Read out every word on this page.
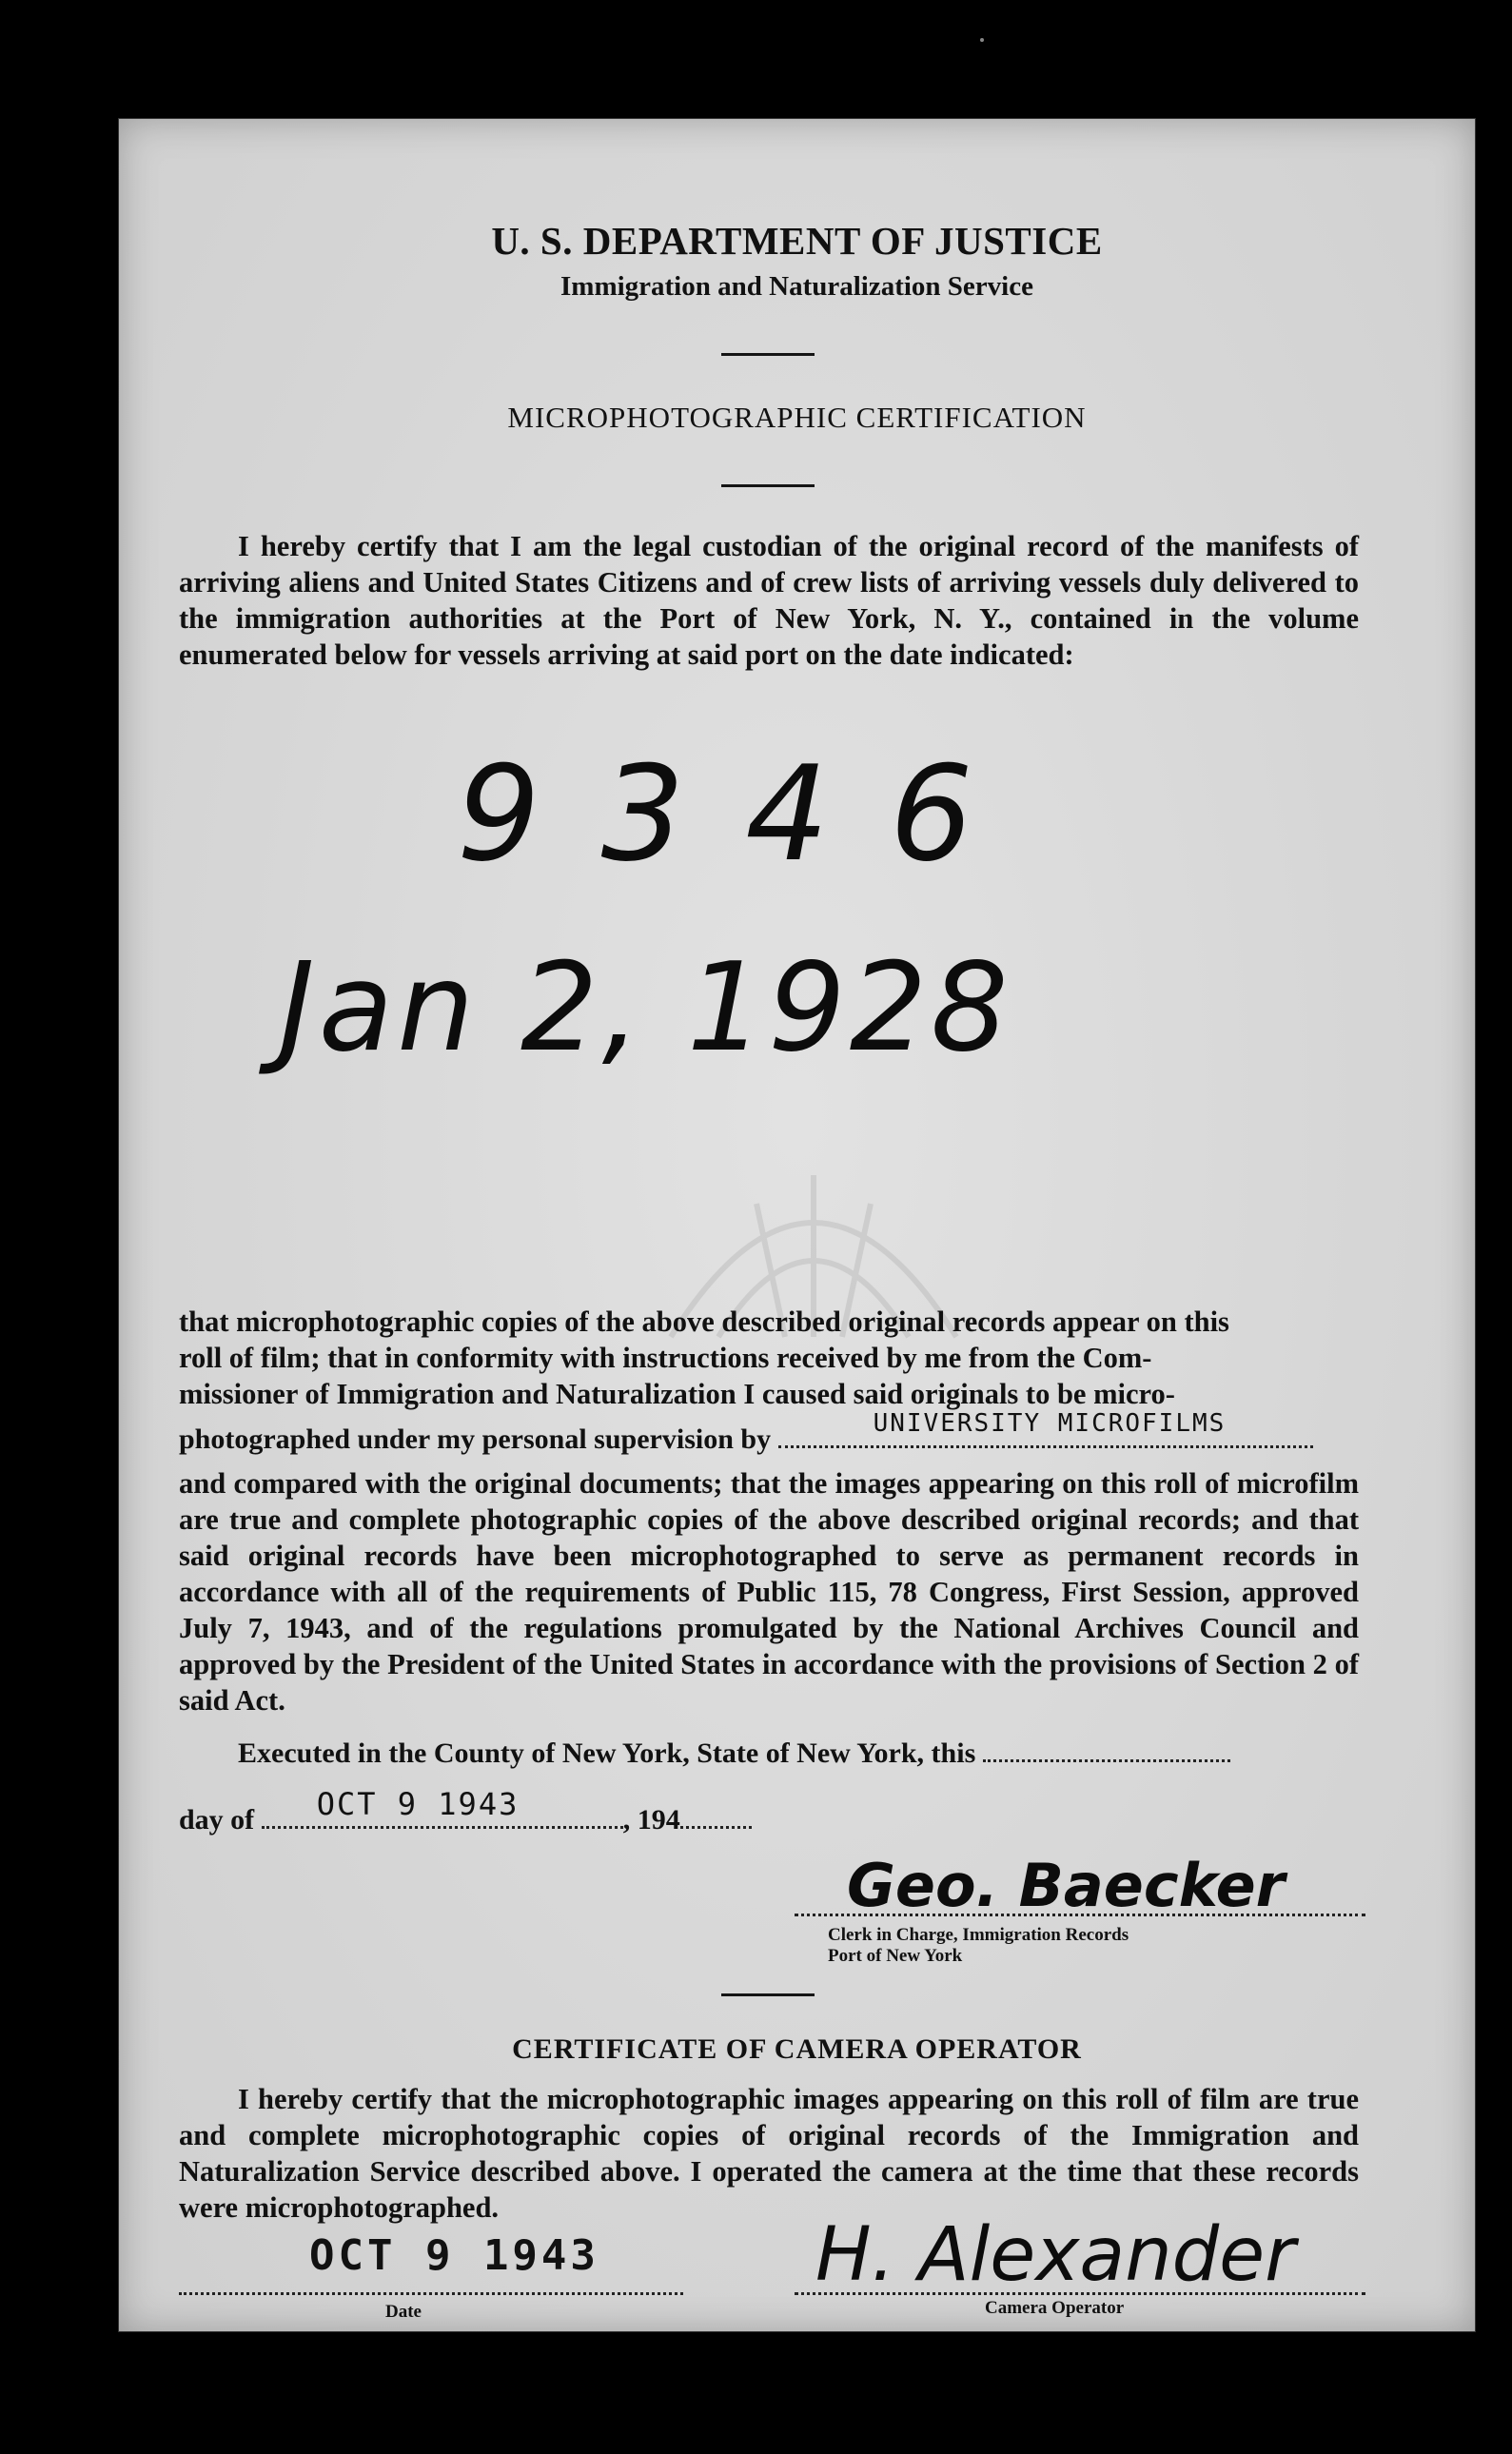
U. S. DEPARTMENT OF JUSTICE
Immigration and Naturalization Service
MICROPHOTOGRAPHIC CERTIFICATION
I hereby certify that I am the legal custodian of the original record of the manifests of arriving aliens and United States Citizens and of crew lists of arriving vessels duly delivered to the immigration authorities at the Port of New York, N. Y., contained in the volume enumerated below for vessels arriving at said port on the date indicated:
9 3 4 6
Jan 2, 1928
that microphotographic copies of the above described original records appear on this
roll of film; that in conformity with instructions received by me from the Com-
missioner of Immigration and Naturalization I caused said originals to be micro-
photographed under my personal supervision by	UNIVERSITY MICROFILMS
and compared with the original documents; that the images appearing on this roll of microfilm are true and complete photographic copies of the above described original records; and that said original records have been microphotographed to serve as permanent records in accordance with all of the requirements of Public 115, 78 Congress, First Session, approved July 7, 1943, and of the regulations promulgated by the National Archives Council and approved by the President of the United States in accordance with the provisions of Section 2 of said Act.
Executed in the County of New York, State of New York, this
day of OCT 9 1943	, 194
Geo. Baecker
Clerk in Charge, Immigration Records
Port of New York
CERTIFICATE OF CAMERA OPERATOR
I hereby certify that the microphotographic images appearing on this roll of film are true and complete microphotographic copies of original records of the Immigration and Naturalization Service described above. I operated the camera at the time that these records were microphotographed.
OCT 9 1943
Date
H. Alexander
Camera Operator
